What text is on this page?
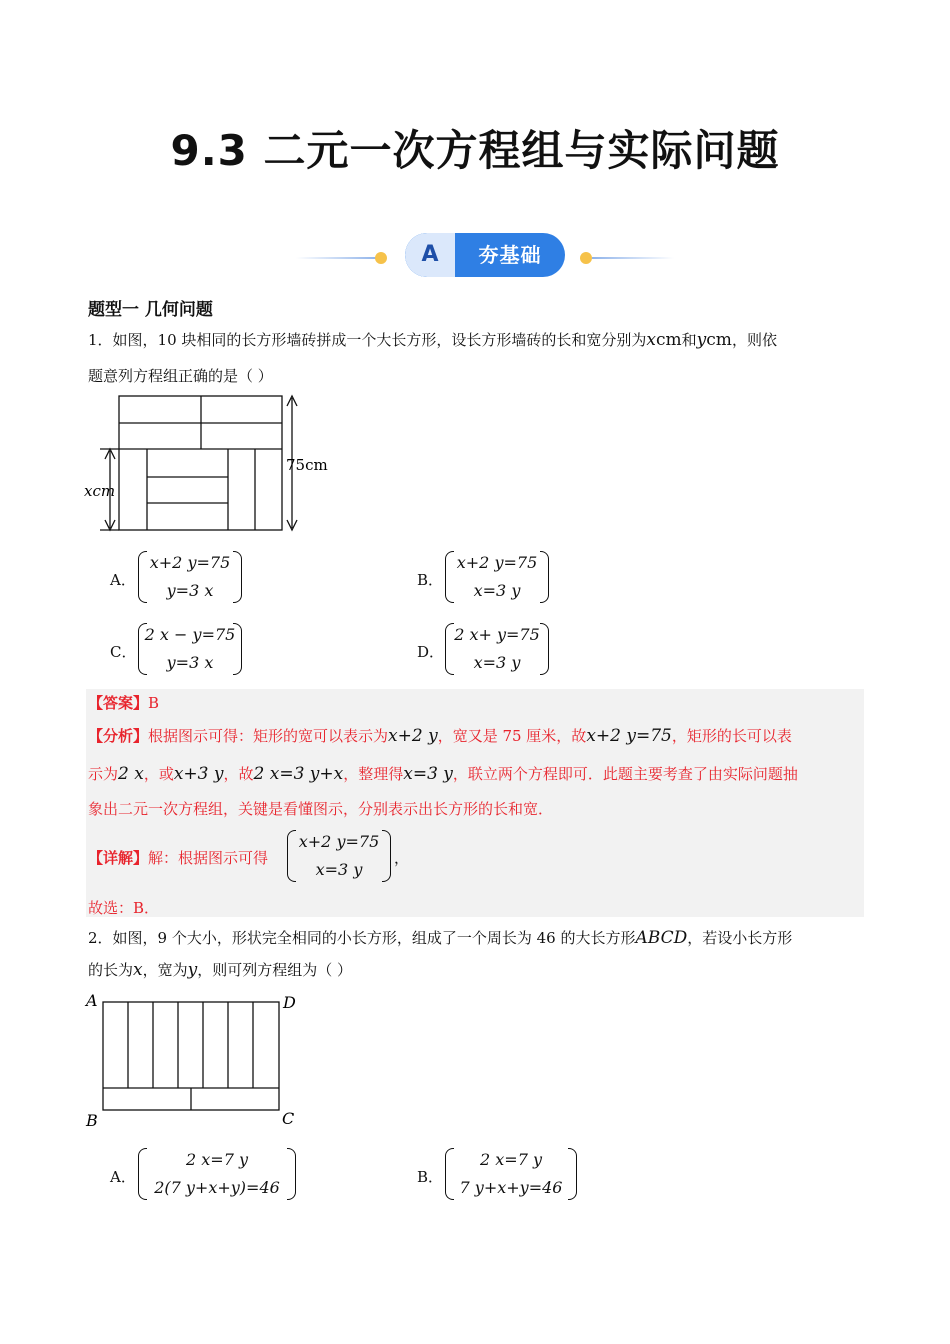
9.3 二元一次方程组与实际问题
A	夯基础
题型一 几何问题
1．如图，10 块相同的长方形墙砖拼成一个大长方形，设长方形墙砖的长和宽分别为xcm和ycm，则依
题意列方程组正确的是（ ）
75cm
xcm
A．
x+2 y=75
y=3 x
B．
x+2 y=75
x=3 y
C．
2 x − y=75
y=3 x
D．
2 x+ y=75
x=3 y
【答案】B
【分析】根据图示可得：矩形的宽可以表示为x+2 y，宽又是 75 厘米，故x+2 y=75，矩形的长可以表
示为2 x，或x+3 y，故2 x=3 y+x，整理得x=3 y，联立两个方程即可．此题主要考查了由实际问题抽
象出二元一次方程组，关键是看懂图示，分别表示出长方形的长和宽．
【详解】解：根据图示可得
x+2 y=75
x=3 y
，
故选：B．
2．如图，9 个大小，形状完全相同的小长方形，组成了一个周长为 46 的大长方形ABCD，若设小长方形
的长为x，宽为y，则可列方程组为（ ）
A	D
B	C
A．
2 x=7 y
2(7 y+x+y)=46
B．
2 x=7 y
7 y+x+y=46
